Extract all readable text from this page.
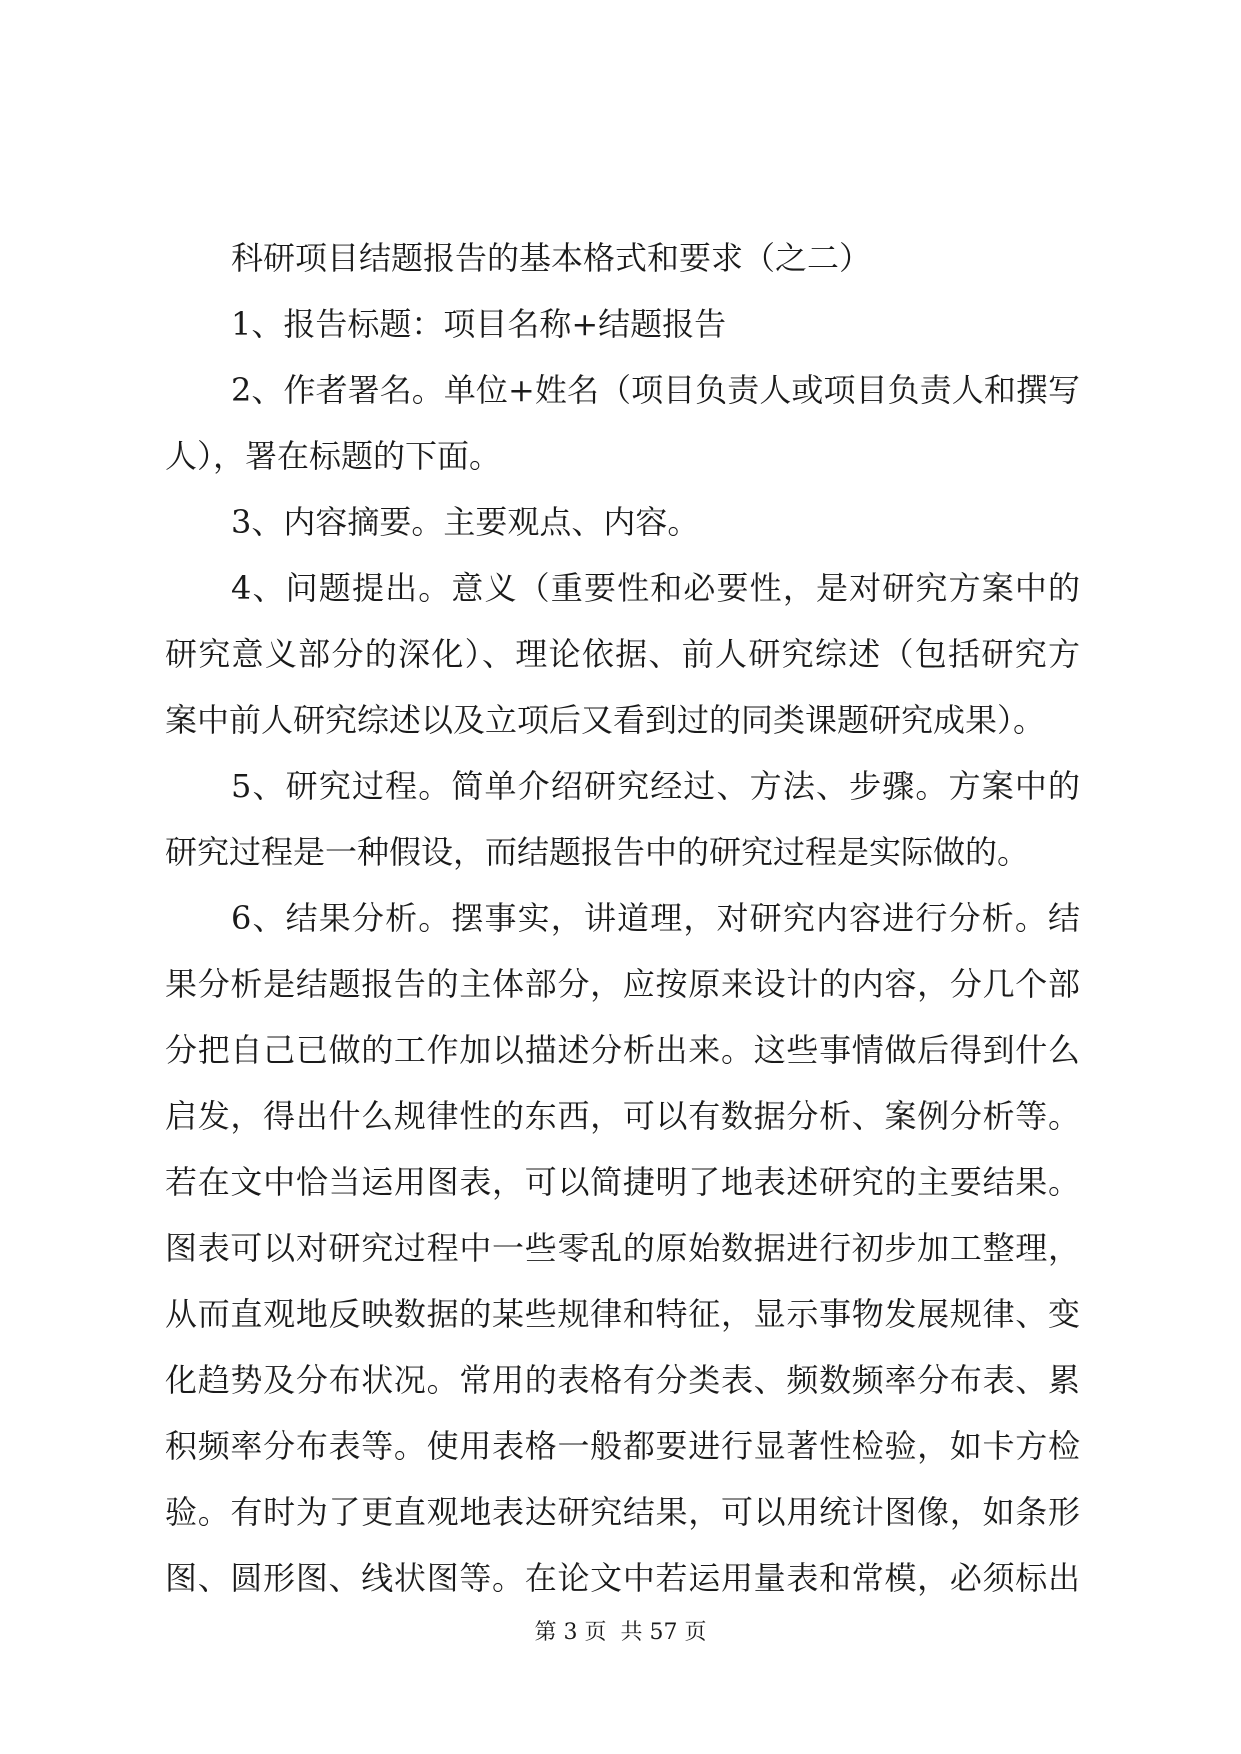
科研项目结题报告的基本格式和要求（之二）
1、报告标题：项目名称+结题报告
2、作者署名。单位+姓名（项目负责人或项目负责人和撰写
人），署在标题的下面。
3、内容摘要。主要观点、内容。
4、问题提出。意义（重要性和必要性，是对研究方案中的
研究意义部分的深化）、理论依据、前人研究综述（包括研究方
案中前人研究综述以及立项后又看到过的同类课题研究成果）。
5、研究过程。简单介绍研究经过、方法、步骤。方案中的
研究过程是一种假设，而结题报告中的研究过程是实际做的。
6、结果分析。摆事实，讲道理，对研究内容进行分析。结
果分析是结题报告的主体部分，应按原来设计的内容，分几个部
分把自己已做的工作加以描述分析出来。这些事情做后得到什么
启发，得出什么规律性的东西，可以有数据分析、案例分析等。
若在文中恰当运用图表，可以简捷明了地表述研究的主要结果。
图表可以对研究过程中一些零乱的原始数据进行初步加工整理，
从而直观地反映数据的某些规律和特征，显示事物发展规律、变
化趋势及分布状况。常用的表格有分类表、频数频率分布表、累
积频率分布表等。使用表格一般都要进行显著性检验，如卡方检
验。有时为了更直观地表达研究结果，可以用统计图像，如条形
图、圆形图、线状图等。在论文中若运用量表和常模，必须标出
第 3 页  共 57 页
